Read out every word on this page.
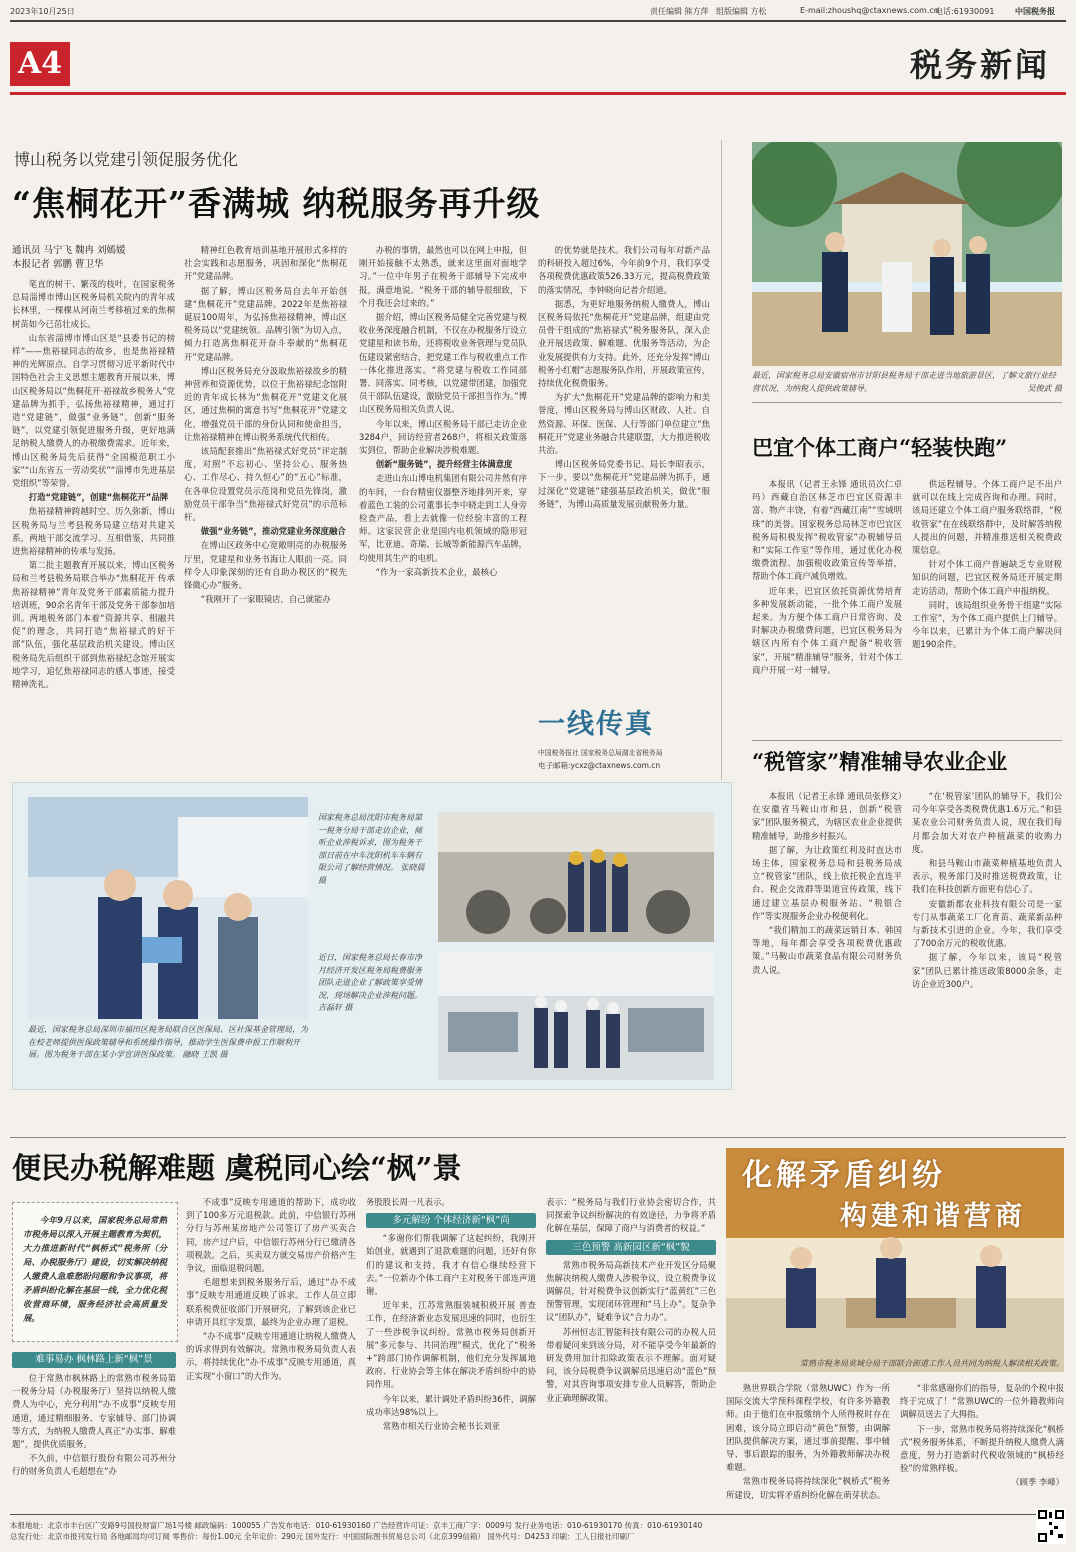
2023年10月25日	责任编辑 熊方萍 组版编辑 方松	E-mail:zhoushq@ctaxnews.com.cn
电话:61930091	中国税务报
A4	税务新闻
博山税务以党建引领促服务优化
“焦桐花开”香满城 纳税服务再升级
通讯员 马宁飞 魏冉 刘嫣媛
本报记者 郭鹏 曹卫华

笔直的树干、繁茂的枝叶，在国家税务总局淄博市博山区税务局机关院内的青年成长林里，一棵棵从河南兰考移植过来的焦桐树苗如今已茁壮成长。

山东省淄博市博山区是“县委书记的榜样”——焦裕禄同志的故乡，也是焦裕禄精神的光辉原点。自学习贯彻习近平新时代中国特色社会主义思想主题教育开展以来，博山区税务局以“焦桐花开·裕禄故乡税务人”党建品牌为抓手，弘扬焦裕禄精神，通过打造“党建链”，做强“业务链”，创新“服务链”，以党建引领促进服务升级，更好地满足纳税人缴费人的办税缴费需求。近年来，博山区税务局先后获得“全国模范职工小家”“山东省五一劳动奖状”“淄博市先进基层党组织”等荣誉。

打造“党建链”，创建“焦桐花开”品牌

焦裕禄精神跨越时空、历久弥新，博山区税务局与兰考县税务局建立结对共建关系，两地干部交流学习、互相借鉴，共同推进焦裕禄精神的传承与发扬。

第二批主题教育开展以来，博山区税务局和兰考县税务局联合举办“焦桐花开 传承焦裕禄精神”青年及党务干部素质能力提升培训班，90余名青年干部及党务干部参加培训。两地税务部门本着“资源共享、相融共促”的理念，共同打造“焦裕禄式的好干部”队伍，强化基层政治机关建设。博山区税务局先后组织干部到焦裕禄纪念馆开展实地学习，追忆焦裕禄同志的感人事迹，接受精神洗礼。

精神红色教育培训基地开展形式多样的社会实践和志愿服务，巩固和深化“焦桐花开”党建品牌。

据了解，博山区税务局自去年开始创建“焦桐花开”党建品牌。2022年是焦裕禄诞辰100周年，为弘扬焦裕禄精神，博山区税务局以“党建统领、品牌引领”为切入点，倾力打造离焦桐花开奋斗奉献的“焦桐花开”党建品牌。

博山区税务局充分汲取焦裕禄故乡的精神营养和资源优势，以位于焦裕禄纪念馆附近的青年成长林为“焦桐花开”党建文化展区，通过焦桐的寓意书写“焦桐花开”党建文化，增强党员干部的身份认同和使命担当，让焦裕禄精神在博山税务系统代代相传。

该局配套推出“焦裕禄式好党员”评定制度，对照“不忘初心、坚持公心、服务热心、工作尽心、持久恒心”的“五心”标准，在各单位设置党员示范岗和党员先锋岗，激励党员干部争当“焦裕禄式好党员”的示范标杆。

做强“业务链”，推动党建业务深度融合

在博山区政务中心宽敞明亮的办税服务厅里，党建星和业务书海让人眼前一亮。同样令人印象深刻的还有自助办税区的“税先锋微心办”服务。

“我刚开了一家眼镜店，自己就能办

办税的事情，最然也可以在网上申报，但刚开始接触不太熟悉，就来这里面对面地学习。”一位中年男子在税务干部辅导下完成申报，满意地说。“税务干部的辅导很细致，下个月我还会过来的。”

据介绍，博山区税务局健全完善党建与税收业务深度融合机制，不仅在办税服务厅设立党建星和读书角，还将税收业务管理与党员队伍建设紧密结合，把党建工作与税收重点工作一体化推进落实。“将党建与税收工作同部署、同落实、同考核，以党建带团建，加强党员干部队伍建设，激励党员干部担当作为。”博山区税务局相关负责人说。

今年以来，博山区税务局干部已走访企业3284户，回访经营者268户，将相关政策落实到位，帮助企业解决涉税难题。

创新“服务链”，提升经营主体满意度

走进山东山博电机集团有限公司井然有序的车间，一台台精密仪器整齐地排列开来，穿着蓝色工装的公司董事长李中晓走到工人身旁检查产品，看上去就像一位经验丰富的工程师。这家民营企业是国内电机领域的隐形冠军，比亚迪、奇瑞、长城等新能源汽车品牌，均使用其生产的电机。

“作为一家高新技术企业，最核心

的优势就是技术。我们公司每年对新产品的科研投入超过6%，今年前9个月，我们享受各项税费优惠政策526.33万元，提高税费政策的落实情况，李钟晓向记者介绍道。

据悉，为更好地服务纳税人缴费人，博山区税务局依托“焦桐花开”党建品牌，组建由党员骨干组成的“焦裕禄式”税务服务队，深入企业开展送政策、解难题、优服务等活动，为企业发展提供有力支持。此外，还充分发挥“博山税务小红帽”志愿服务队作用，开展政策宣传，持续优化税费服务。

为扩大“焦桐花开”党建品牌的影响力和美誉度，博山区税务局与博山区财政、人社、自然资源、环保、医保、人行等部门单位建立“焦桐花开”党建业务融合共建联盟，大力推进税收共治。

博山区税务局党委书记、局长李昭表示，下一步，要以“焦桐花开”党建品牌为抓手，通过深化“党建链”建强基层政治机关，做优“服务链”，为博山高质量发展贡献税务力量。

一线传真
中国税务报社 国家税务总局湖北省税务局
电子邮箱:ycxz@ctaxnews.com.cn
最近，国家税务总局安徽宿州市甘阳县税务局干部走进当地旅游景区，了解文旅行业经营状况，为纳税人提供政策辅导。	吴俊武 摄
巴宜个体工商户“轻装快跑”

本报讯（记者王永锋 通讯员次仁卓玛）西藏自治区林芝市巴宜区资源丰富、物产丰饶，有着“西藏江南”“雪域明珠”的美誉。国家税务总局林芝市巴宜区税务局积极发挥“税收管家”办税辅导员和“实际工作室”等作用，通过优化办税缴费流程、加强税收政策宣传等举措，帮助个体工商户减负增效。

近年来，巴宜区依托资源优势培育多种发展新动能，一批个体工商户发展起来。为方便个体工商户日常咨询、及时解决办税缴费问题，巴宜区税务局为辖区内所有个体工商户配备“税收管家”，开展“精准辅导”服务，针对个体工商户开展一对一辅导。

供远程辅导。个体工商户足不出户就可以在线上完成咨询和办理。同时，该局还建立个体工商户服务联络群，“税收管家”在在线联络群中，及时解答纳税人提出的问题，并精准推送相关税费政策信息。

针对个体工商户普遍缺乏专业财税知识的问题，巴宜区税务局还开展定期走访活动，帮助个体工商户申报纳税。

同时，该局组织业务骨干组建“实际工作室”，为个体工商户提供上门辅导。今年以来，已累计为个体工商户解决问题190余件。

“税管家”精准辅导农业企业

本报讯（记者王永锋 通讯员张修文）在安徽省马鞍山市和县，创新“税管家”团队服务模式，为辖区农业企业提供精准辅导，助推乡村振兴。

据了解，为让政策红利及时直达市场主体，国家税务总局和县税务局成立“税管家”团队，线上依托税企直连平台、税企交流群等渠道宣传政策，线下通过建立基层办税服务站、“税银合作”等实现服务企业办税便利化。

“我们精加工的蔬菜远销日本、韩国等地，每年都会享受各项税费优惠政策。”马鞍山市蔬菜食品有限公司财务负责人说。

“在‘税管家’团队的辅导下，我们公司今年享受各类税费优惠1.6万元。”和县某农业公司财务负责人说，现在我们每月都会加大对农户种植蔬菜的收购力度。

和县马鞍山市蔬菜种植基地负责人表示，税务部门及时推送税费政策，让我们在科技创新方面更有信心了。

安徽新都农业科技有限公司是一家专门从事蔬菜工厂化育苗、蔬菜新品种与新技术引进的企业。今年，我们享受了700余万元的税收优惠。

据了解，今年以来，该局“税管家”团队已累计推送政策8000余条，走访企业近300户。

最近，国家税务总局深圳市福田区税务局联合区医保局、区社保基金管理局，为在校老师提供医保政策辅导和系统操作指导，推动学生医保费申报工作顺利开展。图为税务干部在某小学宣讲医保政策。 融晓 王凯 摄
国家税务总局沈阳市税务局第一税务分局干部走访企业，倾听企业涉税诉求，图为税务干部日前在中车沈阳机车车辆有限公司了解经营情况。 张晓晨 摄
近日，国家税务总局长春市净月经济开发区税务局税费服务团队走进企业了解政策享受情况，现场解决企业涉税问题。 吉磊轩 摄
便民办税解难题 虞税同心绘“枫”景

今年9月以来，国家税务总局常熟市税务局以深入开展主题教育为契机，大力推进新时代“枫桥式”税务所（分局、办税服务厅）建设，切实解决纳税人缴费人急难愁盼问题和争议事项，将矛盾纠纷化解在基层一线，全力优化税收营商环境，服务经济社会高质量发展。

难事易办 枫林路上新“枫”景

位于常熟市枫林路上的常熟市税务局第一税务分局（办税服务厅）坚持以纳税人缴费人为中心，充分利用“办不成事”反映专用通道，通过精细服务、专家辅导、部门协调等方式，为纳税人缴费人真正“办实事、解难题”，提供优质服务。

不久前，中信银行股份有限公司苏州分行的财务负责人毛超想在“办

不成事”反映专用通道的帮助下，成功收到了100多万元退税款。此前，中信银行苏州分行与苏州某房地产公司签订了房产买卖合同，房产过户后，中信银行苏州分行已缴清各项税款。之后，买卖双方就交易房产价格产生争议，面临退税问题。

毛超想来到税务服务厅后，通过“办不成事”反映专用通道反映了诉求。工作人员立即联系税费征收部门开展研究，了解到该企业已申请开具红字发票，最终为企业办理了退税。

“办不成事”反映专用通道让纳税人缴费人的诉求得到有效解决。常熟市税务局负责人表示，将持续优化“办不成事”反映专用通道，真正实现“小窗口”的大作为。

务股股长周一凡表示。

多元解纷 个体经济新“枫”尚

“多谢你们帮我调解了这起纠纷，我刚开始创业，就遇到了退款难题的问题，还好有你们的建议和支持，我才有信心继续经营下去。”一位新办个体工商户主对税务干部连声道谢。

近年来，江苏常熟服装城积极开展 普查工作，在经济新业态发展迅速的同时，也衍生了一些涉税争议纠纷。常熟市税务局创新开展“多元参与、共同治理”模式，优化了“税务+”跨部门协作调解机制，他们充分发挥属地政府、行业协会等主体在解决矛盾纠纷中的协同作用。

今年以来，累计调处矛盾纠纷36件，调解成功率达98%以上。

常熟市相关行业协会秘书长刘亚

表示：“税务局与我们行业协会密切合作，共同探索争议纠纷解决的有效途径，力争将矛盾化解在基层，保障了商户与消费者的权益。”

三色预警 高新园区新“枫”貌

常熟市税务局高新技术产业开发区分局聚焦解决纳税人缴费人涉税争议，设立税费争议调解员，针对税费争议创新实行“蓝黄红”三色预警管理，实现闭环管理和“马上办”。复杂争议“团队办”，疑难争议“合力办”。

苏州恒志汇智能科技有限公司的办税人员带着疑问来到该分局，对不能享受今年最新的研发费用加计扣除政策表示不理解。面对疑问，该分局税费争议调解员迅速启动“蓝色”预警，对其咨询事项安排专业人员解答，帮助企业正确理解政策。

化解矛盾纠纷
构建和谐营商
常熟市税务局莫城分局干部联合街道工作人员共同为纳税人解读相关政策。

熟世界联合学院（常熟UWC）作为一所国际交流大学预科课程学校，有许多外籍教师。由于他们在申报缴纳个人所得税时存在困难，该分局立即启动“黄色”预警，由调解团队提供解决方案，通过事前提醒、事中辅导、事后跟踪的服务，为外籍教师解决办税难题。

常熟市税务局将持续深化“枫桥式”税务所建设，切实将矛盾纠纷化解在萌芽状态。

“非常感谢你们的指导，复杂的个税申报终于完成了！”常熟UWC的一位外籍教师向调解员送去了大拇指。

下一步，常熟市税务局将持续深化“枫桥式”税务服务体系，不断提升纳税人缴费人满意度，努力打造新时代税收领域的“枫桥经验”的常熟样板。

（顾季 李峰）

本报地址：北京市丰台区广安路9号国投财富广场1号楼 邮政编码：100055 广告发布电话：010-61930160 广告经营许可证：京丰工商广字：0009号 发行业务电话：010-61930170 传真：010-61930140
总发行处：北京市报刊发行局 各地邮局均可订阅 零售价：每份1.00元 全年定价：290元 国外发行：中国国际图书贸易总公司（北京399信箱） 国外代号：D4253 印刷：工人日报社印刷厂
